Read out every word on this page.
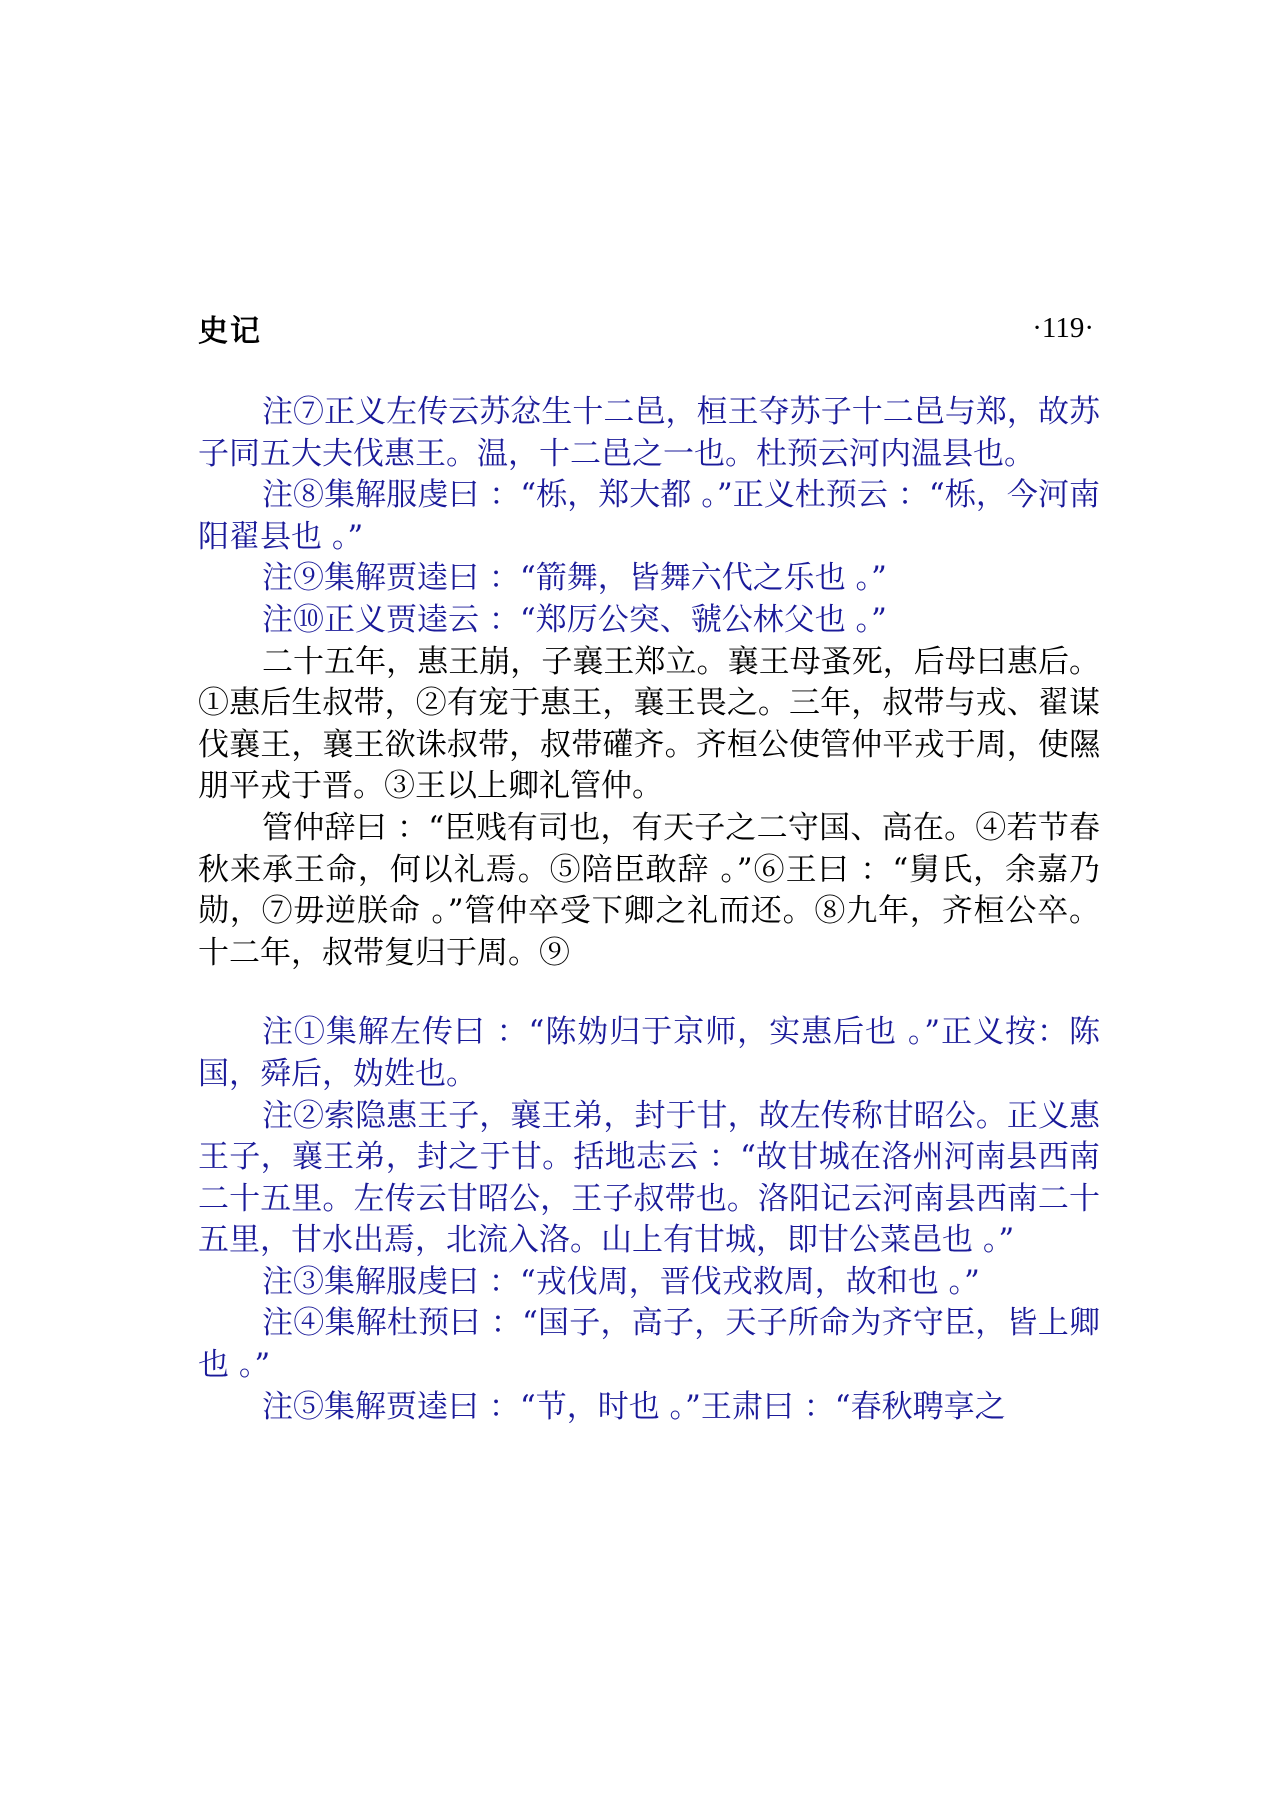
史记	·119·

注⑦正义左传云苏忿生十二邑，桓王夺苏子十二邑与郑，故苏子同五大夫伐惠王。温，十二邑之一也。杜预云河内温县也。

注⑧集解服虔曰 ：“栎，郑大都 。”正义杜预云 ：“栎，今河南阳翟县也 。”

注⑨集解贾逵曰 ：“箭舞，皆舞六代之乐也 。”

注⑩正义贾逵云 ：“郑厉公突、虢公林父也 。”

二十五年，惠王崩，子襄王郑立。襄王母蚤死，后母曰惠后。①惠后生叔带，②有宠于惠王，襄王畏之。三年，叔带与戎、翟谋伐襄王，襄王欲诛叔带，叔带礶齐。齐桓公使管仲平戎于周，使隰朋平戎于晋。③王以上卿礼管仲。

管仲辞曰 ：“臣贱有司也，有天子之二守国、高在。④若节春秋来承王命，何以礼焉。⑤陪臣敢辞 。”⑥王曰 ：“舅氏，余嘉乃勋，⑦毋逆朕命 。”管仲卒受下卿之礼而还。⑧九年，齐桓公卒。十二年，叔带复归于周。⑨

注①集解左传曰 ：“陈妫归于京师，实惠后也 。”正义按：陈国，舜后，妫姓也。

注②索隐惠王子，襄王弟，封于甘，故左传称甘昭公。正义惠王子，襄王弟，封之于甘。括地志云 ：“故甘城在洛州河南县西南二十五里。左传云甘昭公，王子叔带也。洛阳记云河南县西南二十五里，甘水出焉，北流入洛。山上有甘城，即甘公菜邑也 。”

注③集解服虔曰 ：“戎伐周，晋伐戎救周，故和也 。”

注④集解杜预曰 ：“国子，高子，天子所命为齐守臣，皆上卿也 。”

注⑤集解贾逵曰 ：“节，时也 。”王肃曰 ：“春秋聘享之
